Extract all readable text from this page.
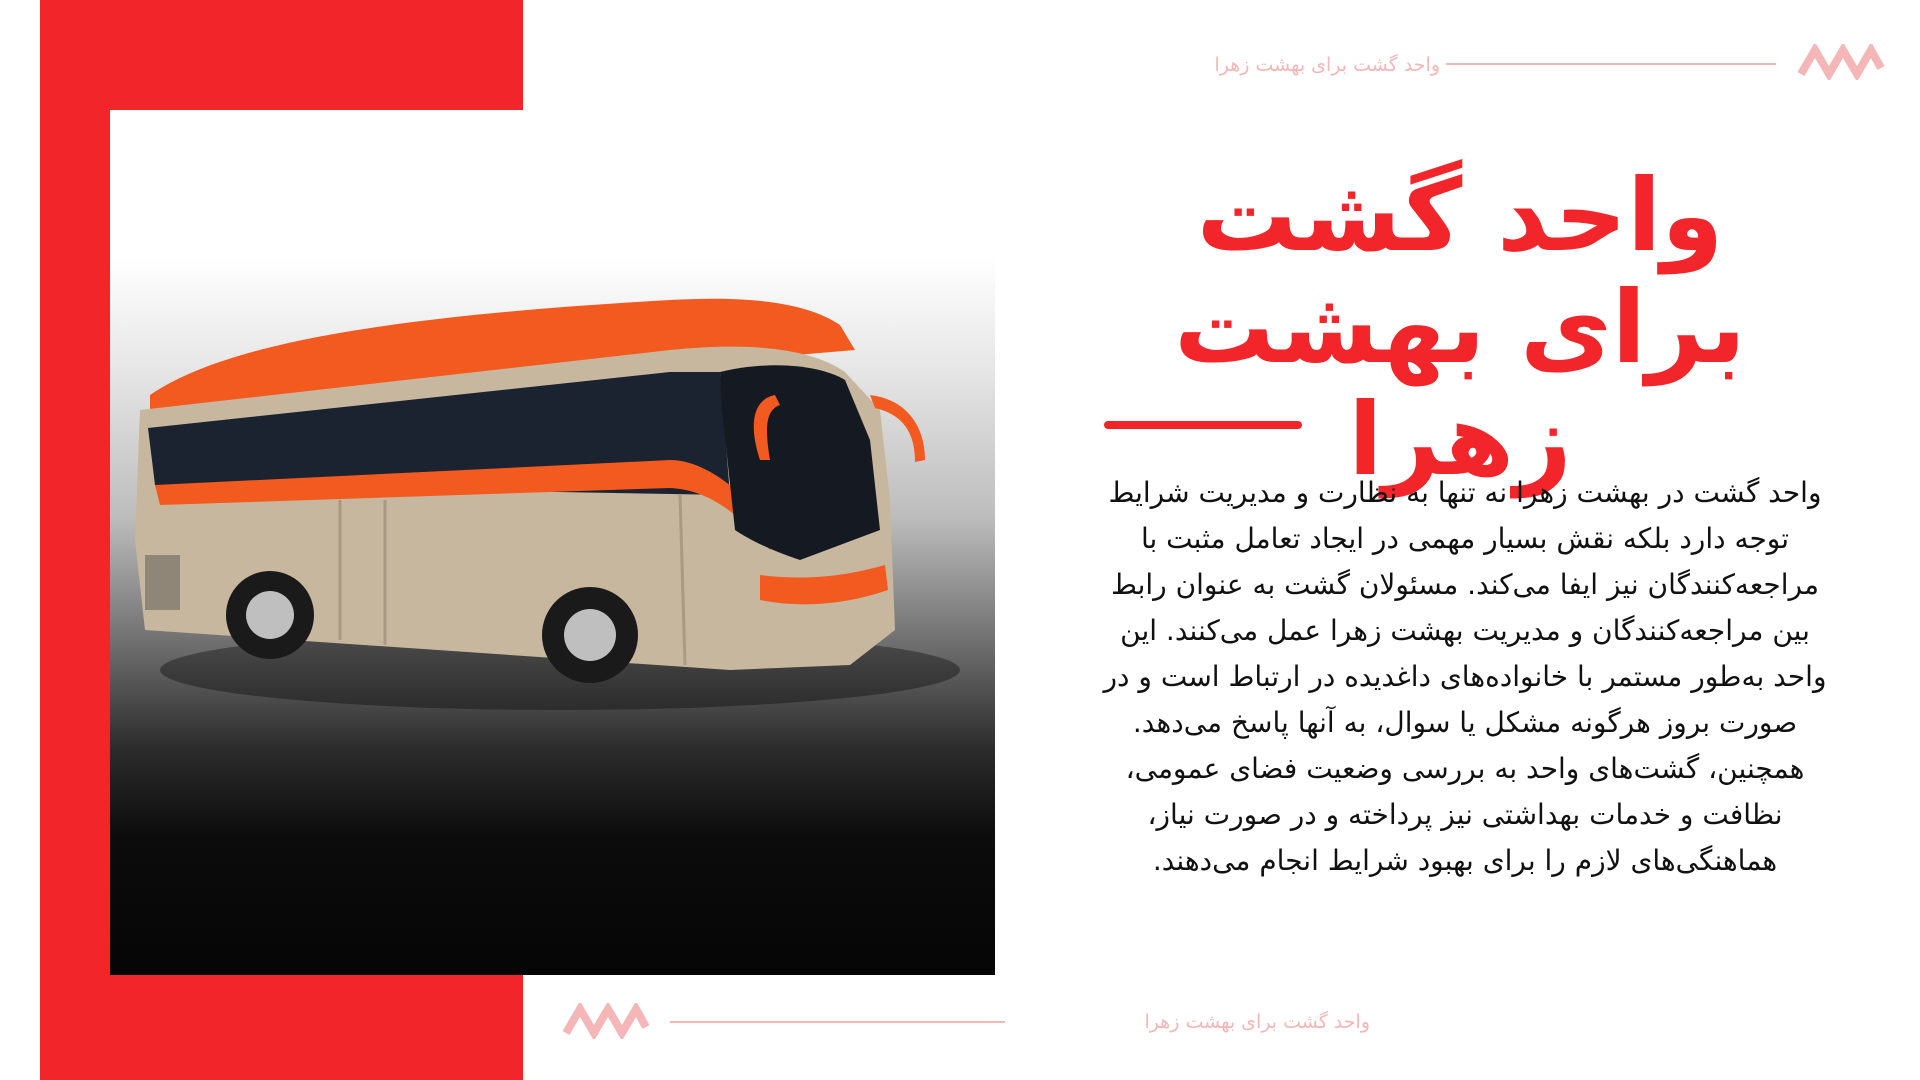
واحد گشت برای بهشت زهرا
واحد گشت برای بهشت زهرا
واحد گشت در بهشت زهرا نه تنها به نظارت و مدیریت شرایط توجه دارد بلکه نقش بسیار مهمی در ایجاد تعامل مثبت با مراجعه‌کنندگان نیز ایفا می‌کند. مسئولان گشت به عنوان رابط بین مراجعه‌کنندگان و مدیریت بهشت زهرا عمل می‌کنند. این واحد به‌طور مستمر با خانواده‌های داغدیده در ارتباط است و در صورت بروز هرگونه مشکل یا سوال، به آنها پاسخ می‌دهد. همچنین، گشت‌های واحد به بررسی وضعیت فضای عمومی، نظافت و خدمات بهداشتی نیز پرداخته و در صورت نیاز، هماهنگی‌های لازم را برای بهبود شرایط انجام می‌دهند.
واحد گشت برای بهشت زهرا
